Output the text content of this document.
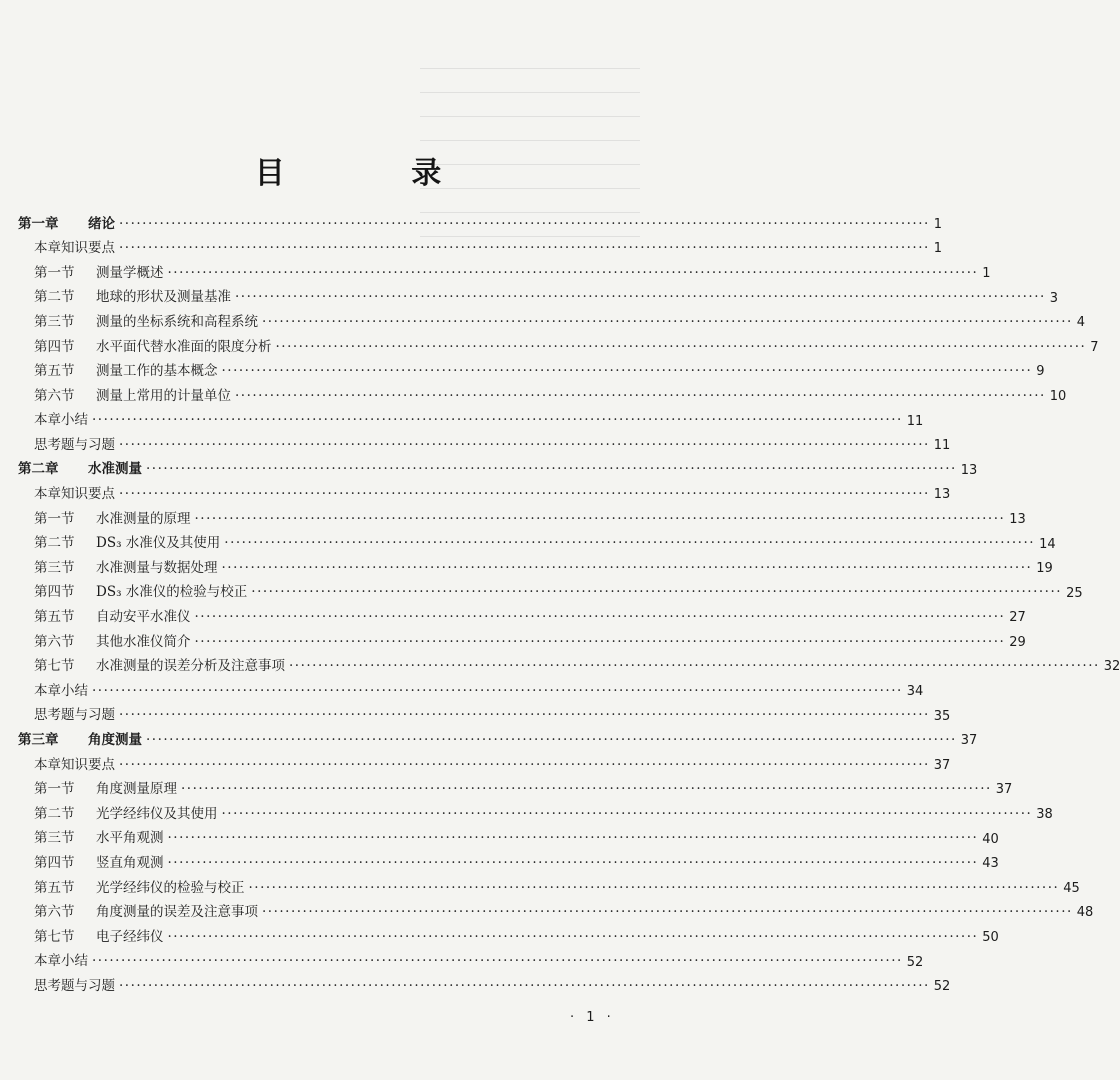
目 录
第一章 绪论 ············································································································································ 1
本章知识要点 ············································································································································ 1
第一节 测量学概述 ············································································································································ 1
第二节 地球的形状及测量基准 ············································································································································ 3
第三节 测量的坐标系统和高程系统 ············································································································································ 4
第四节 水平面代替水准面的限度分析 ············································································································································ 7
第五节 测量工作的基本概念 ············································································································································ 9
第六节 测量上常用的计量单位 ············································································································································ 10
本章小结 ············································································································································ 11
思考题与习题 ············································································································································ 11
第二章 水准测量 ············································································································································ 13
本章知识要点 ············································································································································ 13
第一节 水准测量的原理 ············································································································································ 13
第二节 DS₃ 水准仪及其使用 ············································································································································ 14
第三节 水准测量与数据处理 ············································································································································ 19
第四节 DS₃ 水准仪的检验与校正 ············································································································································ 25
第五节 自动安平水准仪 ············································································································································ 27
第六节 其他水准仪简介 ············································································································································ 29
第七节 水准测量的误差分析及注意事项 ············································································································································ 32
本章小结 ············································································································································ 34
思考题与习题 ············································································································································ 35
第三章 角度测量 ············································································································································ 37
本章知识要点 ············································································································································ 37
第一节 角度测量原理 ············································································································································ 37
第二节 光学经纬仪及其使用 ············································································································································ 38
第三节 水平角观测 ············································································································································ 40
第四节 竖直角观测 ············································································································································ 43
第五节 光学经纬仪的检验与校正 ············································································································································ 45
第六节 角度测量的误差及注意事项 ············································································································································ 48
第七节 电子经纬仪 ············································································································································ 50
本章小结 ············································································································································ 52
思考题与习题 ············································································································································ 52
· 1 ·
